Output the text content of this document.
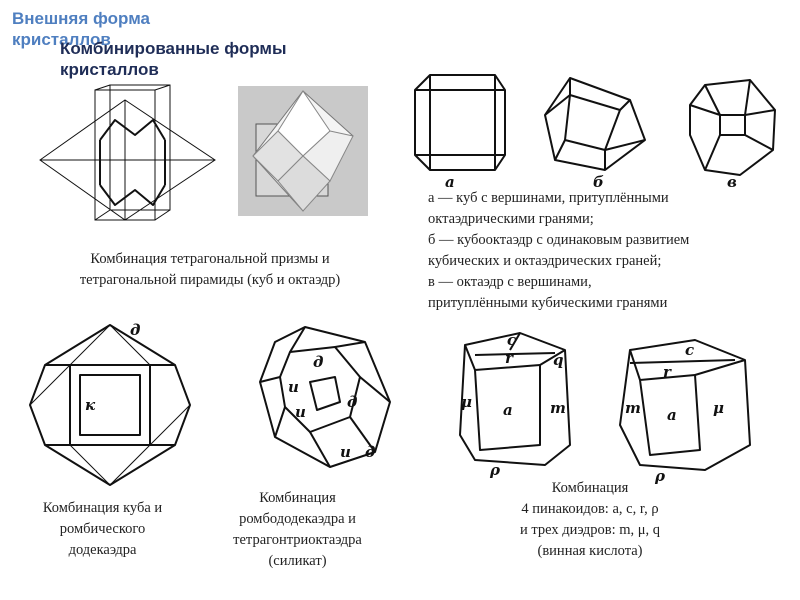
Внешняя форма кристаллов
Комбинированные формы кристаллов
а	б	в
а — куб с вершинами, притуплёнными
октаэдрическими гранями;
б — кубооктаэдр с одинаковым развитием
кубических и октаэдрических граней;
в — октаэдр с вершинами,
притуплёнными кубическими гранями
Комбинация тетрагональной призмы и
тетрагональной пирамиды (куб и октаэдр)
д
к
д
и
и
д
и д
c
r	q
μ a m
ρ
c
r
m a μ
ρ
Комбинация куба и
ромбического
додекаэдра
Комбинация
ромбододекаэдра и
тетрагонтриоктаэдра
(силикат)
Комбинация
4 пинакоидов: a, c, r, ρ
и трех диэдров: m, μ, q
(винная кислота)
